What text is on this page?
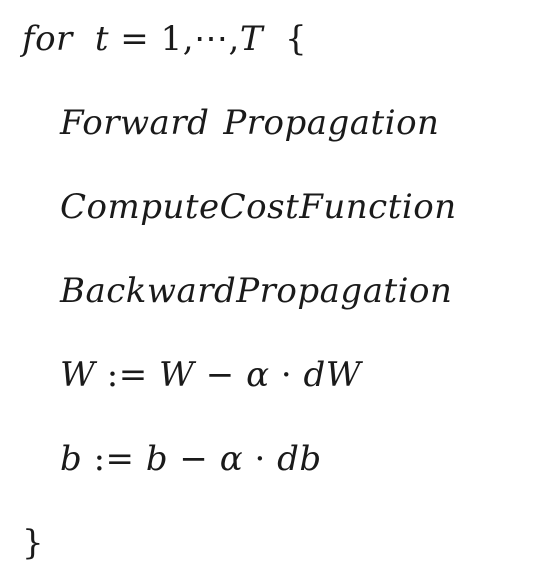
for t = 1,⋯,T {
Forward Propagation
ComputeCostFunction
BackwardPropagation
W := W − α · dW
b := b − α · db
}
